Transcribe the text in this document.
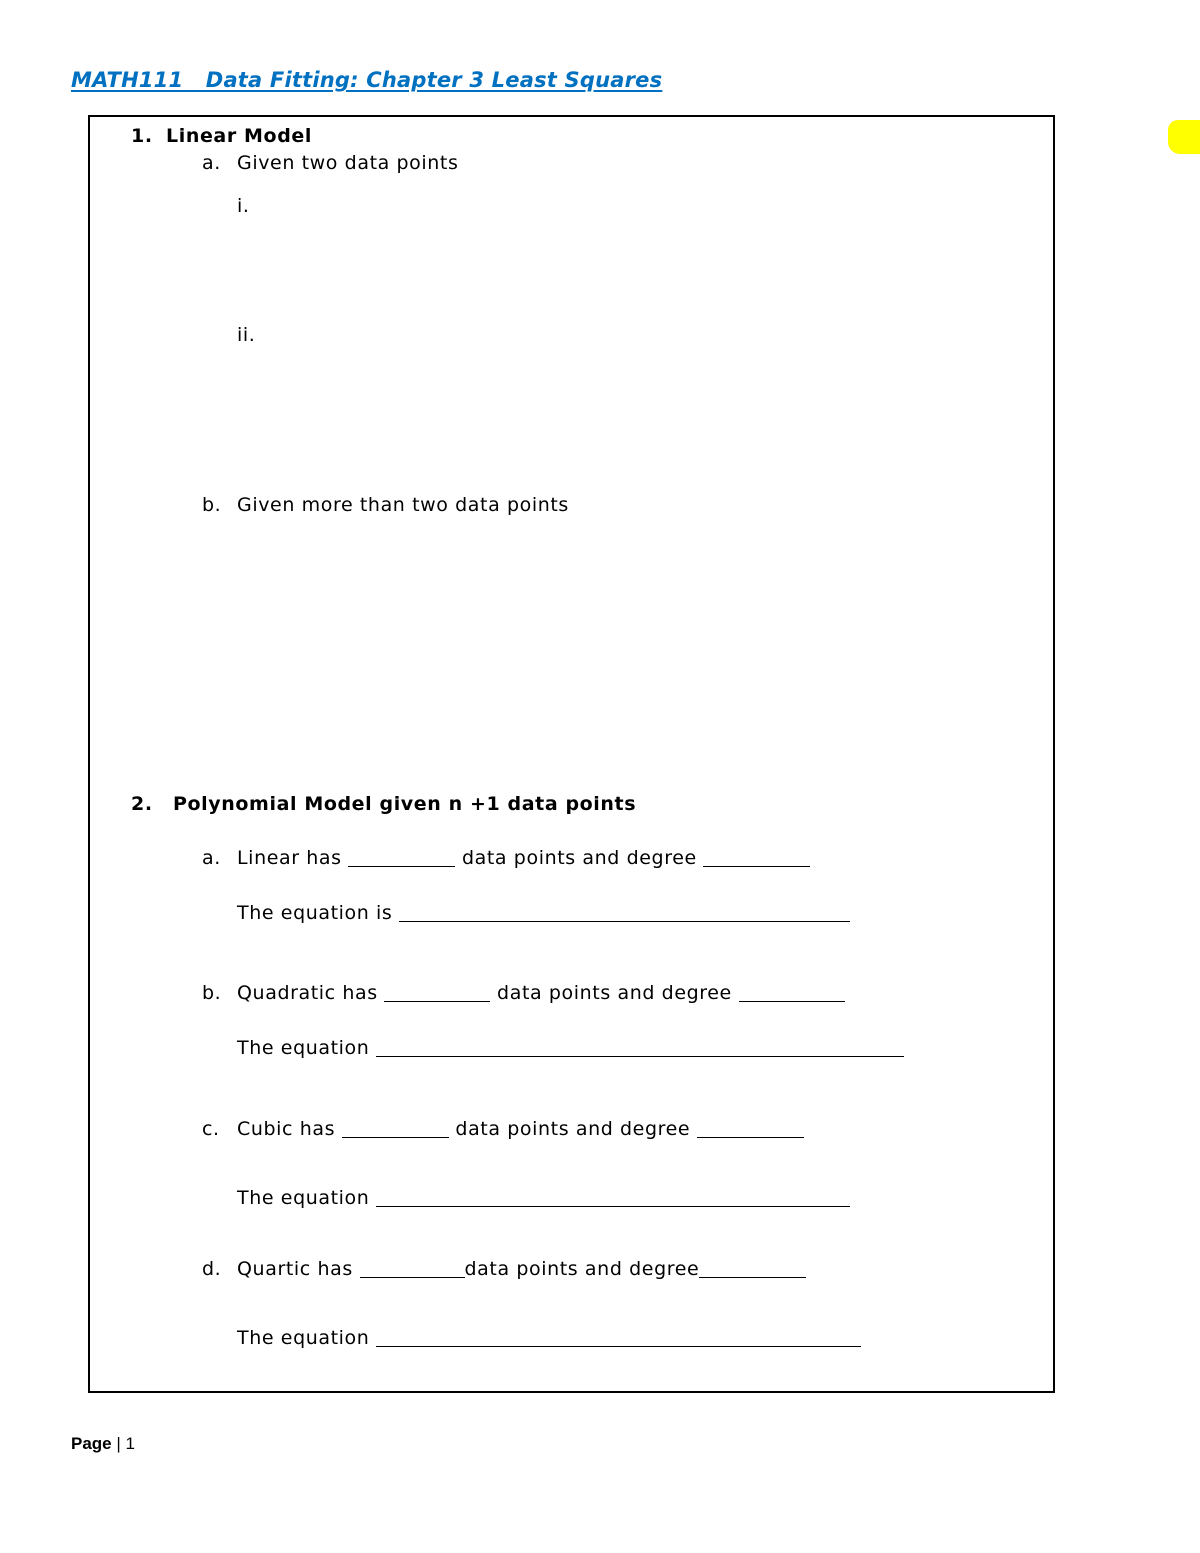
MATH111   Data Fitting: Chapter 3 Least Squares
1. Linear Model
a. Given two data points
i.
ii.
b. Given more than two data points
2. Polynomial Model given n +1 data points
a. Linear has	data points and degree
The equation is
b. Quadratic has	data points and degree
The equation
c. Cubic has	data points and degree
The equation
d. Quartic has	data points and degree
The equation
Page | 1
